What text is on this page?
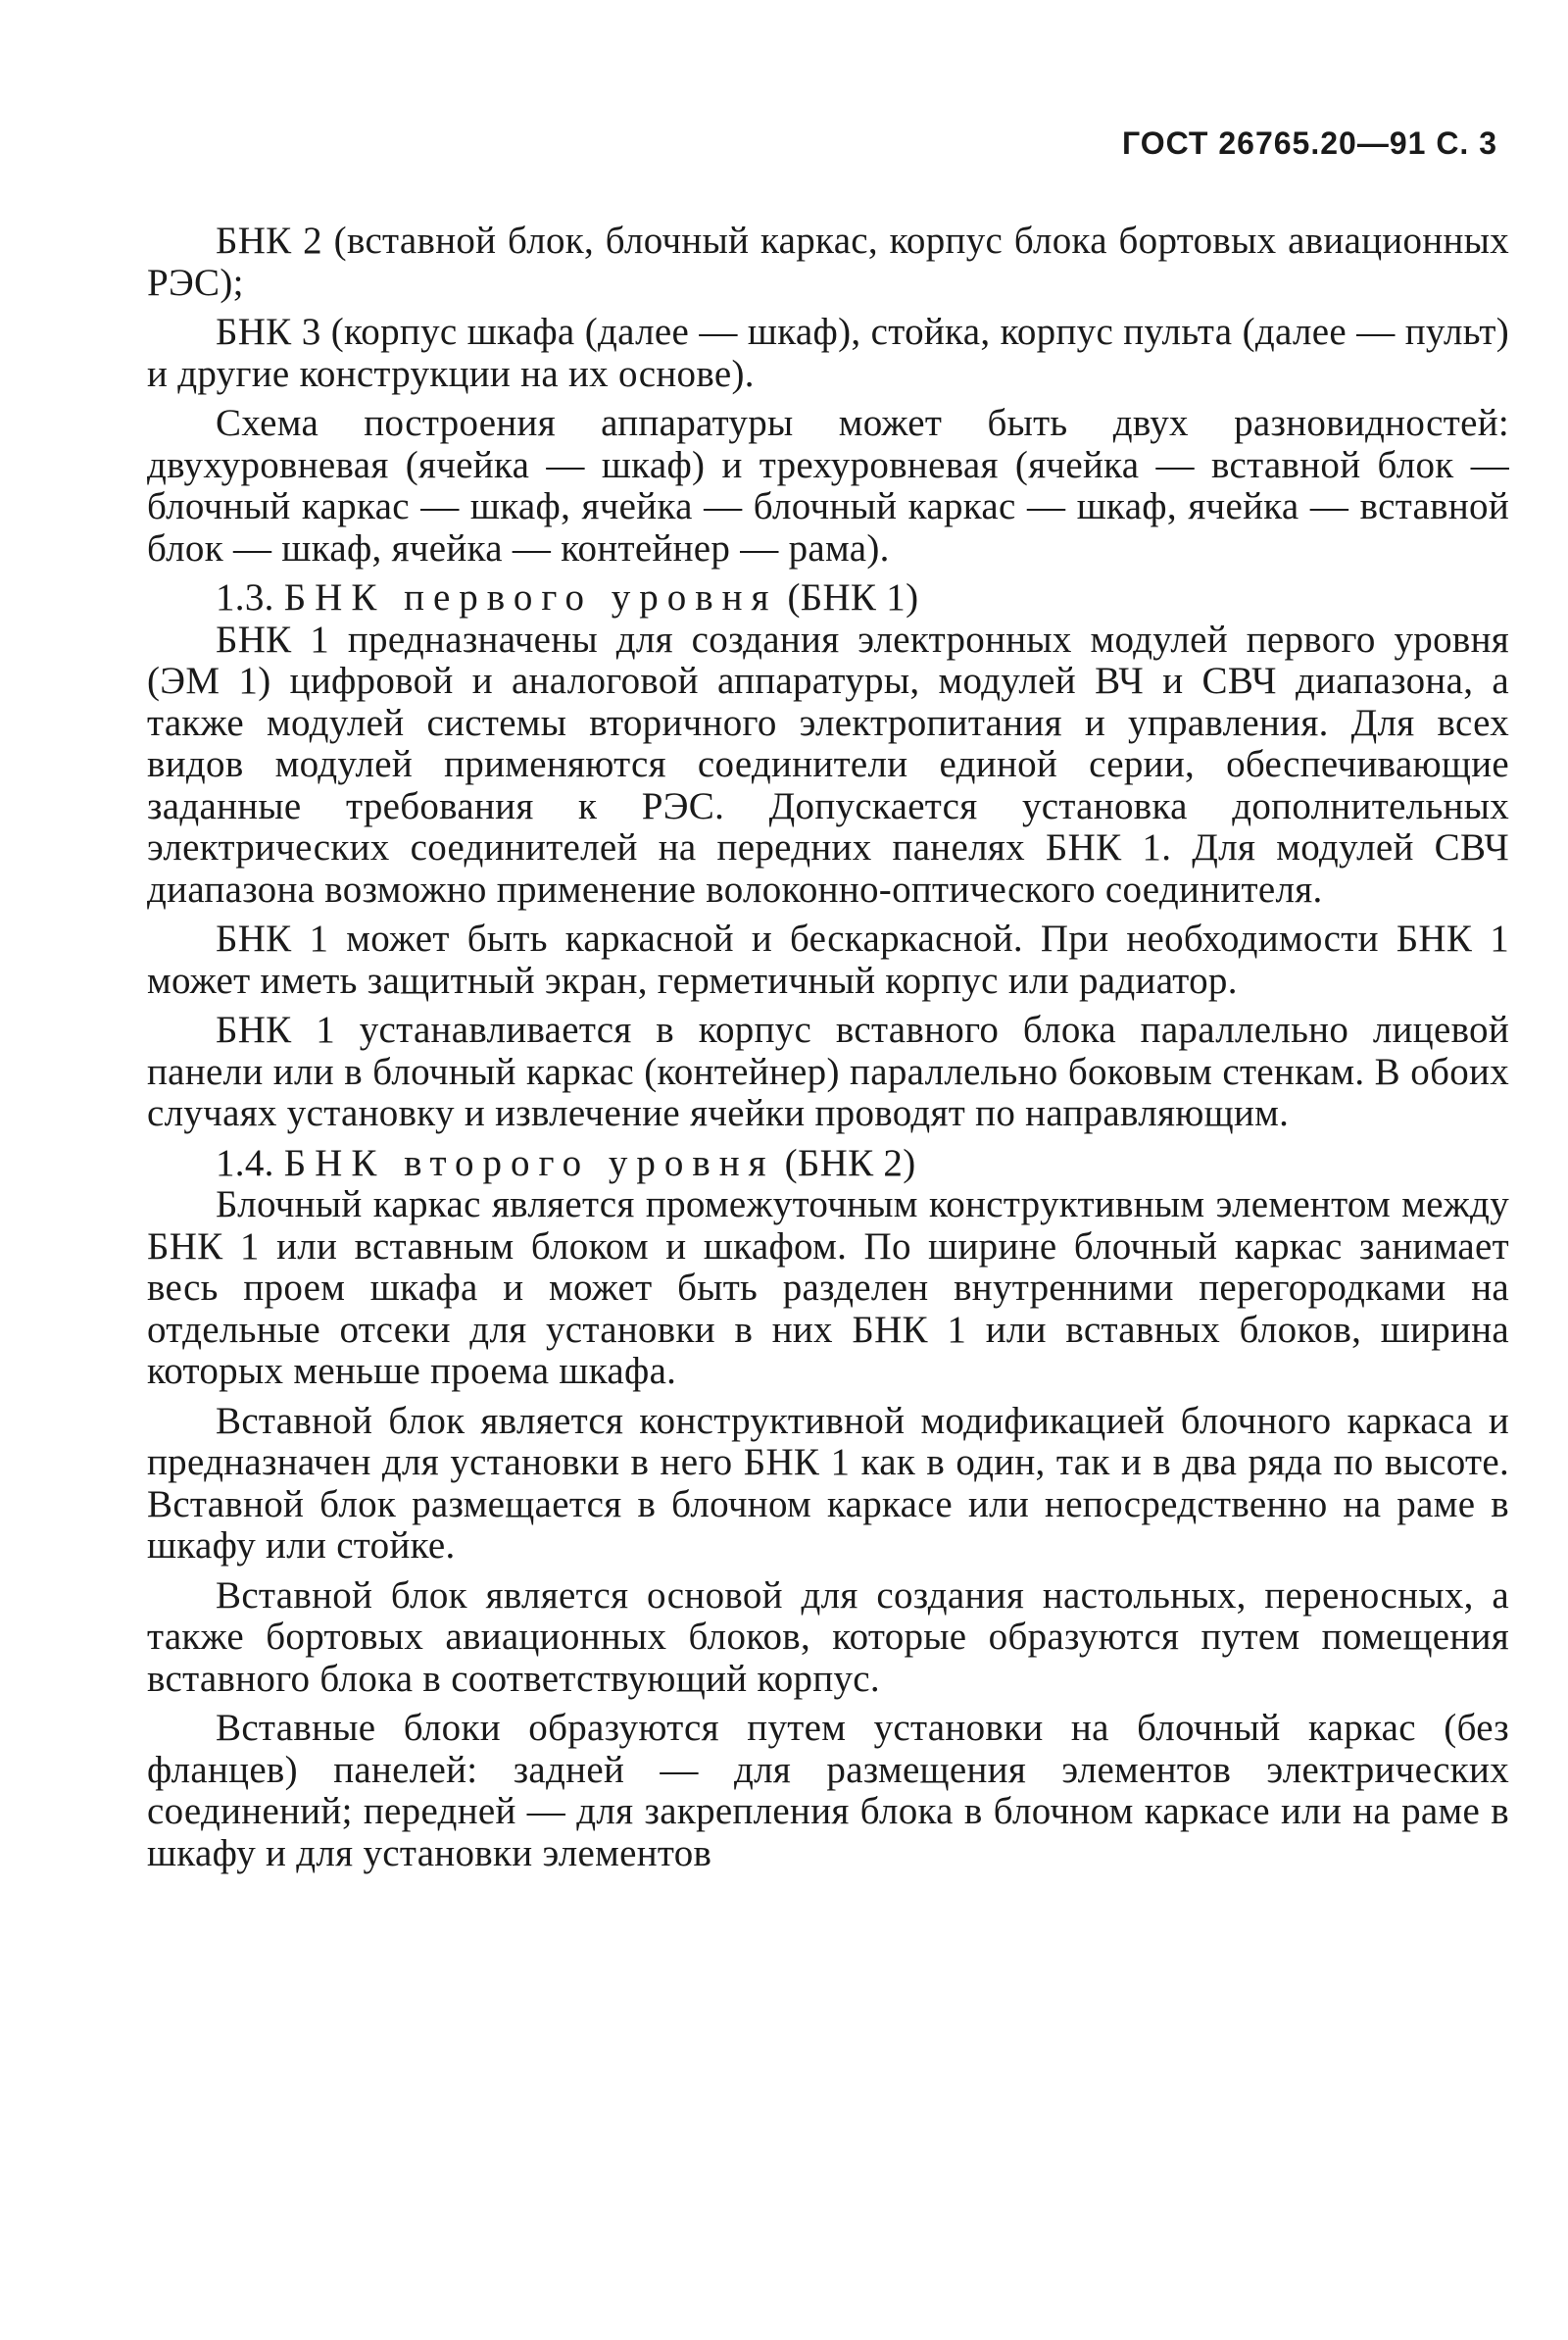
ГОСТ 26765.20—91 С. 3

БНК 2 (вставной блок, блочный каркас, корпус блока бортовых авиационных РЭС);

БНК 3 (корпус шкафа (далее — шкаф), стойка, корпус пульта (далее — пульт) и другие конструкции на их основе).

Схема построения аппаратуры может быть двух разновидностей: двухуровневая (ячейка — шкаф) и трехуровневая (ячейка — вставной блок — блочный каркас — шкаф, ячейка — блочный каркас — шкаф, ячейка — вставной блок — шкаф, ячейка — контейнер — рама).

1.3. БНК первого уровня (БНК 1)

БНК 1 предназначены для создания электронных модулей первого уровня (ЭМ 1) цифровой и аналоговой аппаратуры, модулей ВЧ и СВЧ диапазона, а также модулей системы вторичного электропитания и управления. Для всех видов модулей применяются соединители единой серии, обеспечивающие заданные требования к РЭС. Допускается установка дополнительных электрических соединителей на передних панелях БНК 1. Для модулей СВЧ диапазона возможно применение волоконно-оптического соединителя.

БНК 1 может быть каркасной и бескаркасной. При необходимости БНК 1 может иметь защитный экран, герметичный корпус или радиатор.

БНК 1 устанавливается в корпус вставного блока параллельно лицевой панели или в блочный каркас (контейнер) параллельно боковым стенкам. В обоих случаях установку и извлечение ячейки проводят по направляющим.

1.4. БНК второго уровня (БНК 2)

Блочный каркас является промежуточным конструктивным элементом между БНК 1 или вставным блоком и шкафом. По ширине блочный каркас занимает весь проем шкафа и может быть разделен внутренними перегородками на отдельные отсеки для установки в них БНК 1 или вставных блоков, ширина которых меньше проема шкафа.

Вставной блок является конструктивной модификацией блочного каркаса и предназначен для установки в него БНК 1 как в один, так и в два ряда по высоте. Вставной блок размещается в блочном каркасе или непосредственно на раме в шкафу или стойке.

Вставной блок является основой для создания настольных, переносных, а также бортовых авиационных блоков, которые образуются путем помещения вставного блока в соответствующий корпус.

Вставные блоки образуются путем установки на блочный каркас (без фланцев) панелей: задней — для размещения элементов электрических соединений; передней — для закрепления блока в блочном каркасе или на раме в шкафу и для установки элементов
